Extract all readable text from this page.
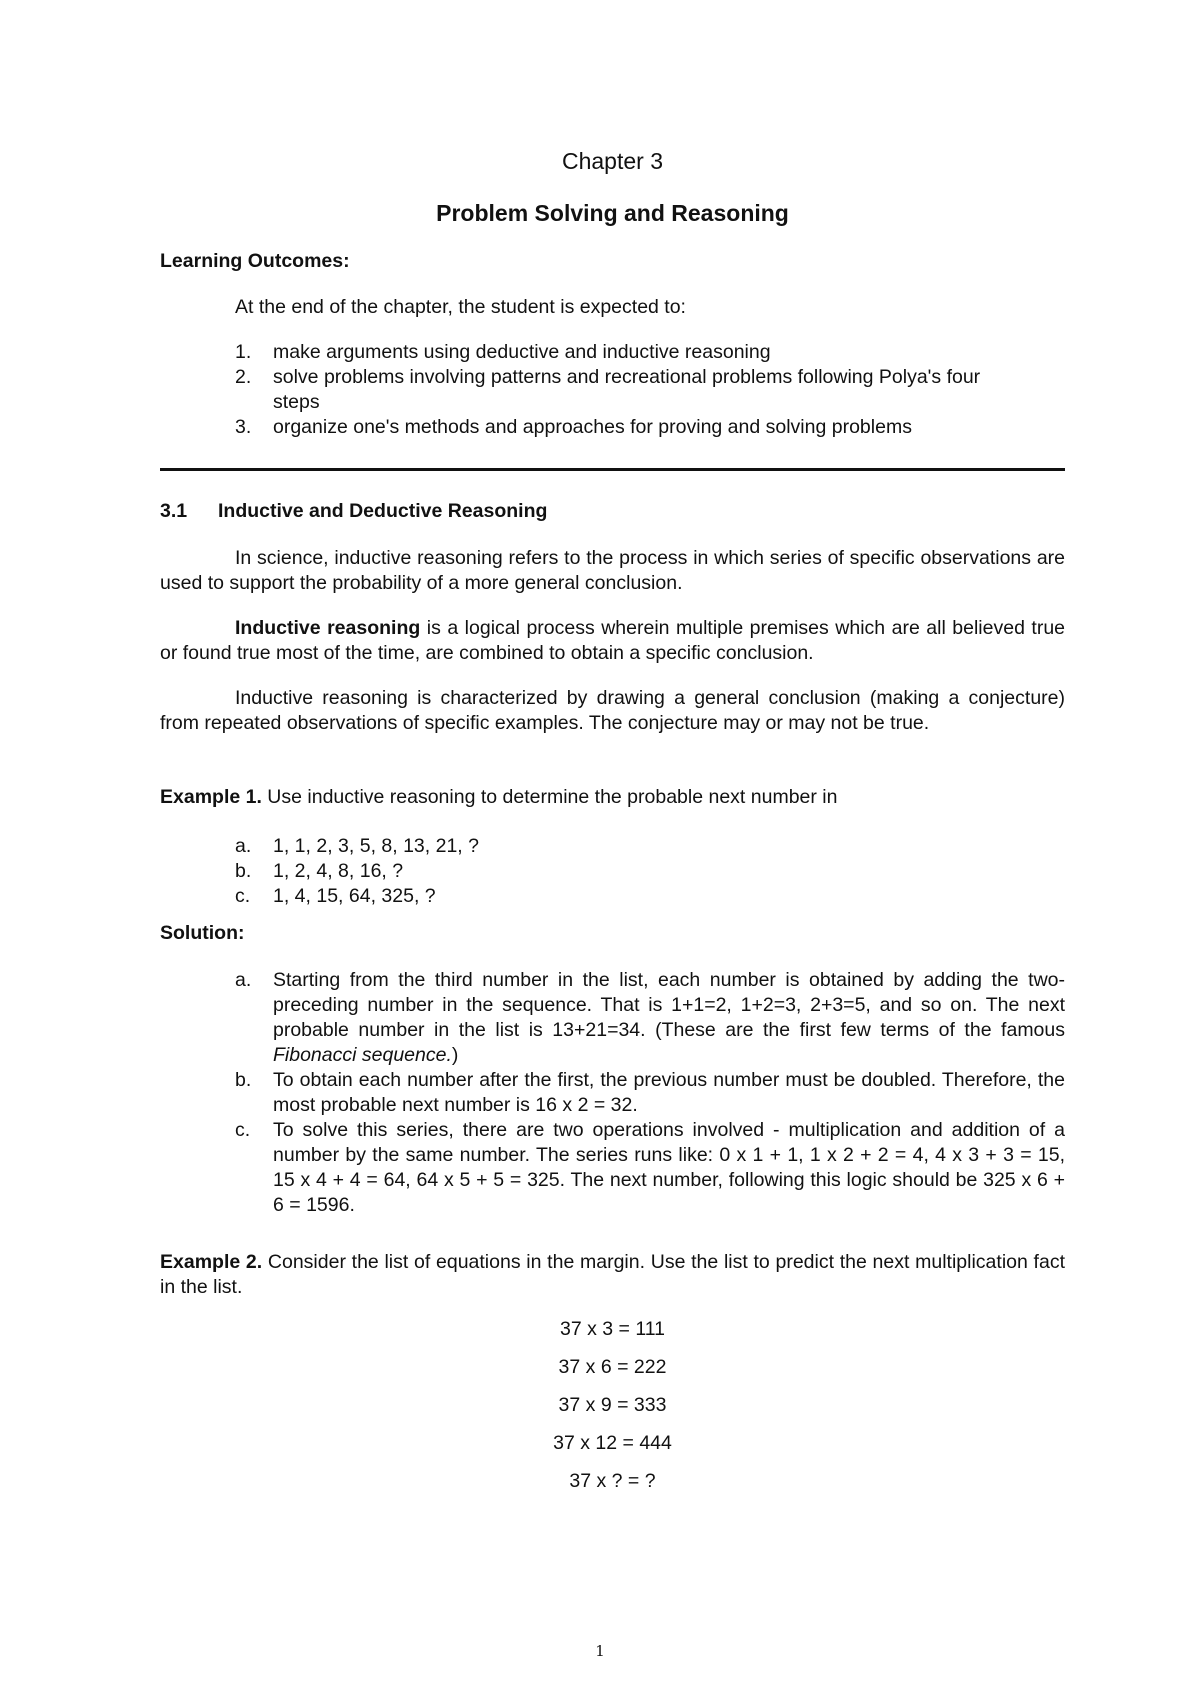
Chapter 3
Problem Solving and Reasoning
Learning Outcomes:
At the end of the chapter, the student is expected to:
1. make arguments using deductive and inductive reasoning
2. solve problems involving patterns and recreational problems following Polya's four steps
3. organize one's methods and approaches for proving and solving problems
3.1 Inductive and Deductive Reasoning
In science, inductive reasoning refers to the process in which series of specific observations are used to support the probability of a more general conclusion.
Inductive reasoning is a logical process wherein multiple premises which are all believed true or found true most of the time, are combined to obtain a specific conclusion.
Inductive reasoning is characterized by drawing a general conclusion (making a conjecture) from repeated observations of specific examples. The conjecture may or may not be true.
Example 1. Use inductive reasoning to determine the probable next number in
a. 1, 1, 2, 3, 5, 8, 13, 21, ?
b. 1, 2, 4, 8, 16, ?
c. 1, 4, 15, 64, 325, ?
Solution:
a. Starting from the third number in the list, each number is obtained by adding the two-preceding number in the sequence. That is 1+1=2, 1+2=3, 2+3=5, and so on. The next probable number in the list is 13+21=34. (These are the first few terms of the famous Fibonacci sequence.)
b. To obtain each number after the first, the previous number must be doubled. Therefore, the most probable next number is 16 x 2 = 32.
c. To solve this series, there are two operations involved - multiplication and addition of a number by the same number. The series runs like: 0 x 1 + 1, 1 x 2 + 2 = 4, 4 x 3 + 3 = 15, 15 x 4 + 4 = 64, 64 x 5 + 5 = 325. The next number, following this logic should be 325 x 6 + 6 = 1596.
Example 2. Consider the list of equations in the margin. Use the list to predict the next multiplication fact in the list.
37 x 3 = 111
37 x 6 = 222
37 x 9 = 333
37 x 12 = 444
37 x ? = ?
1
